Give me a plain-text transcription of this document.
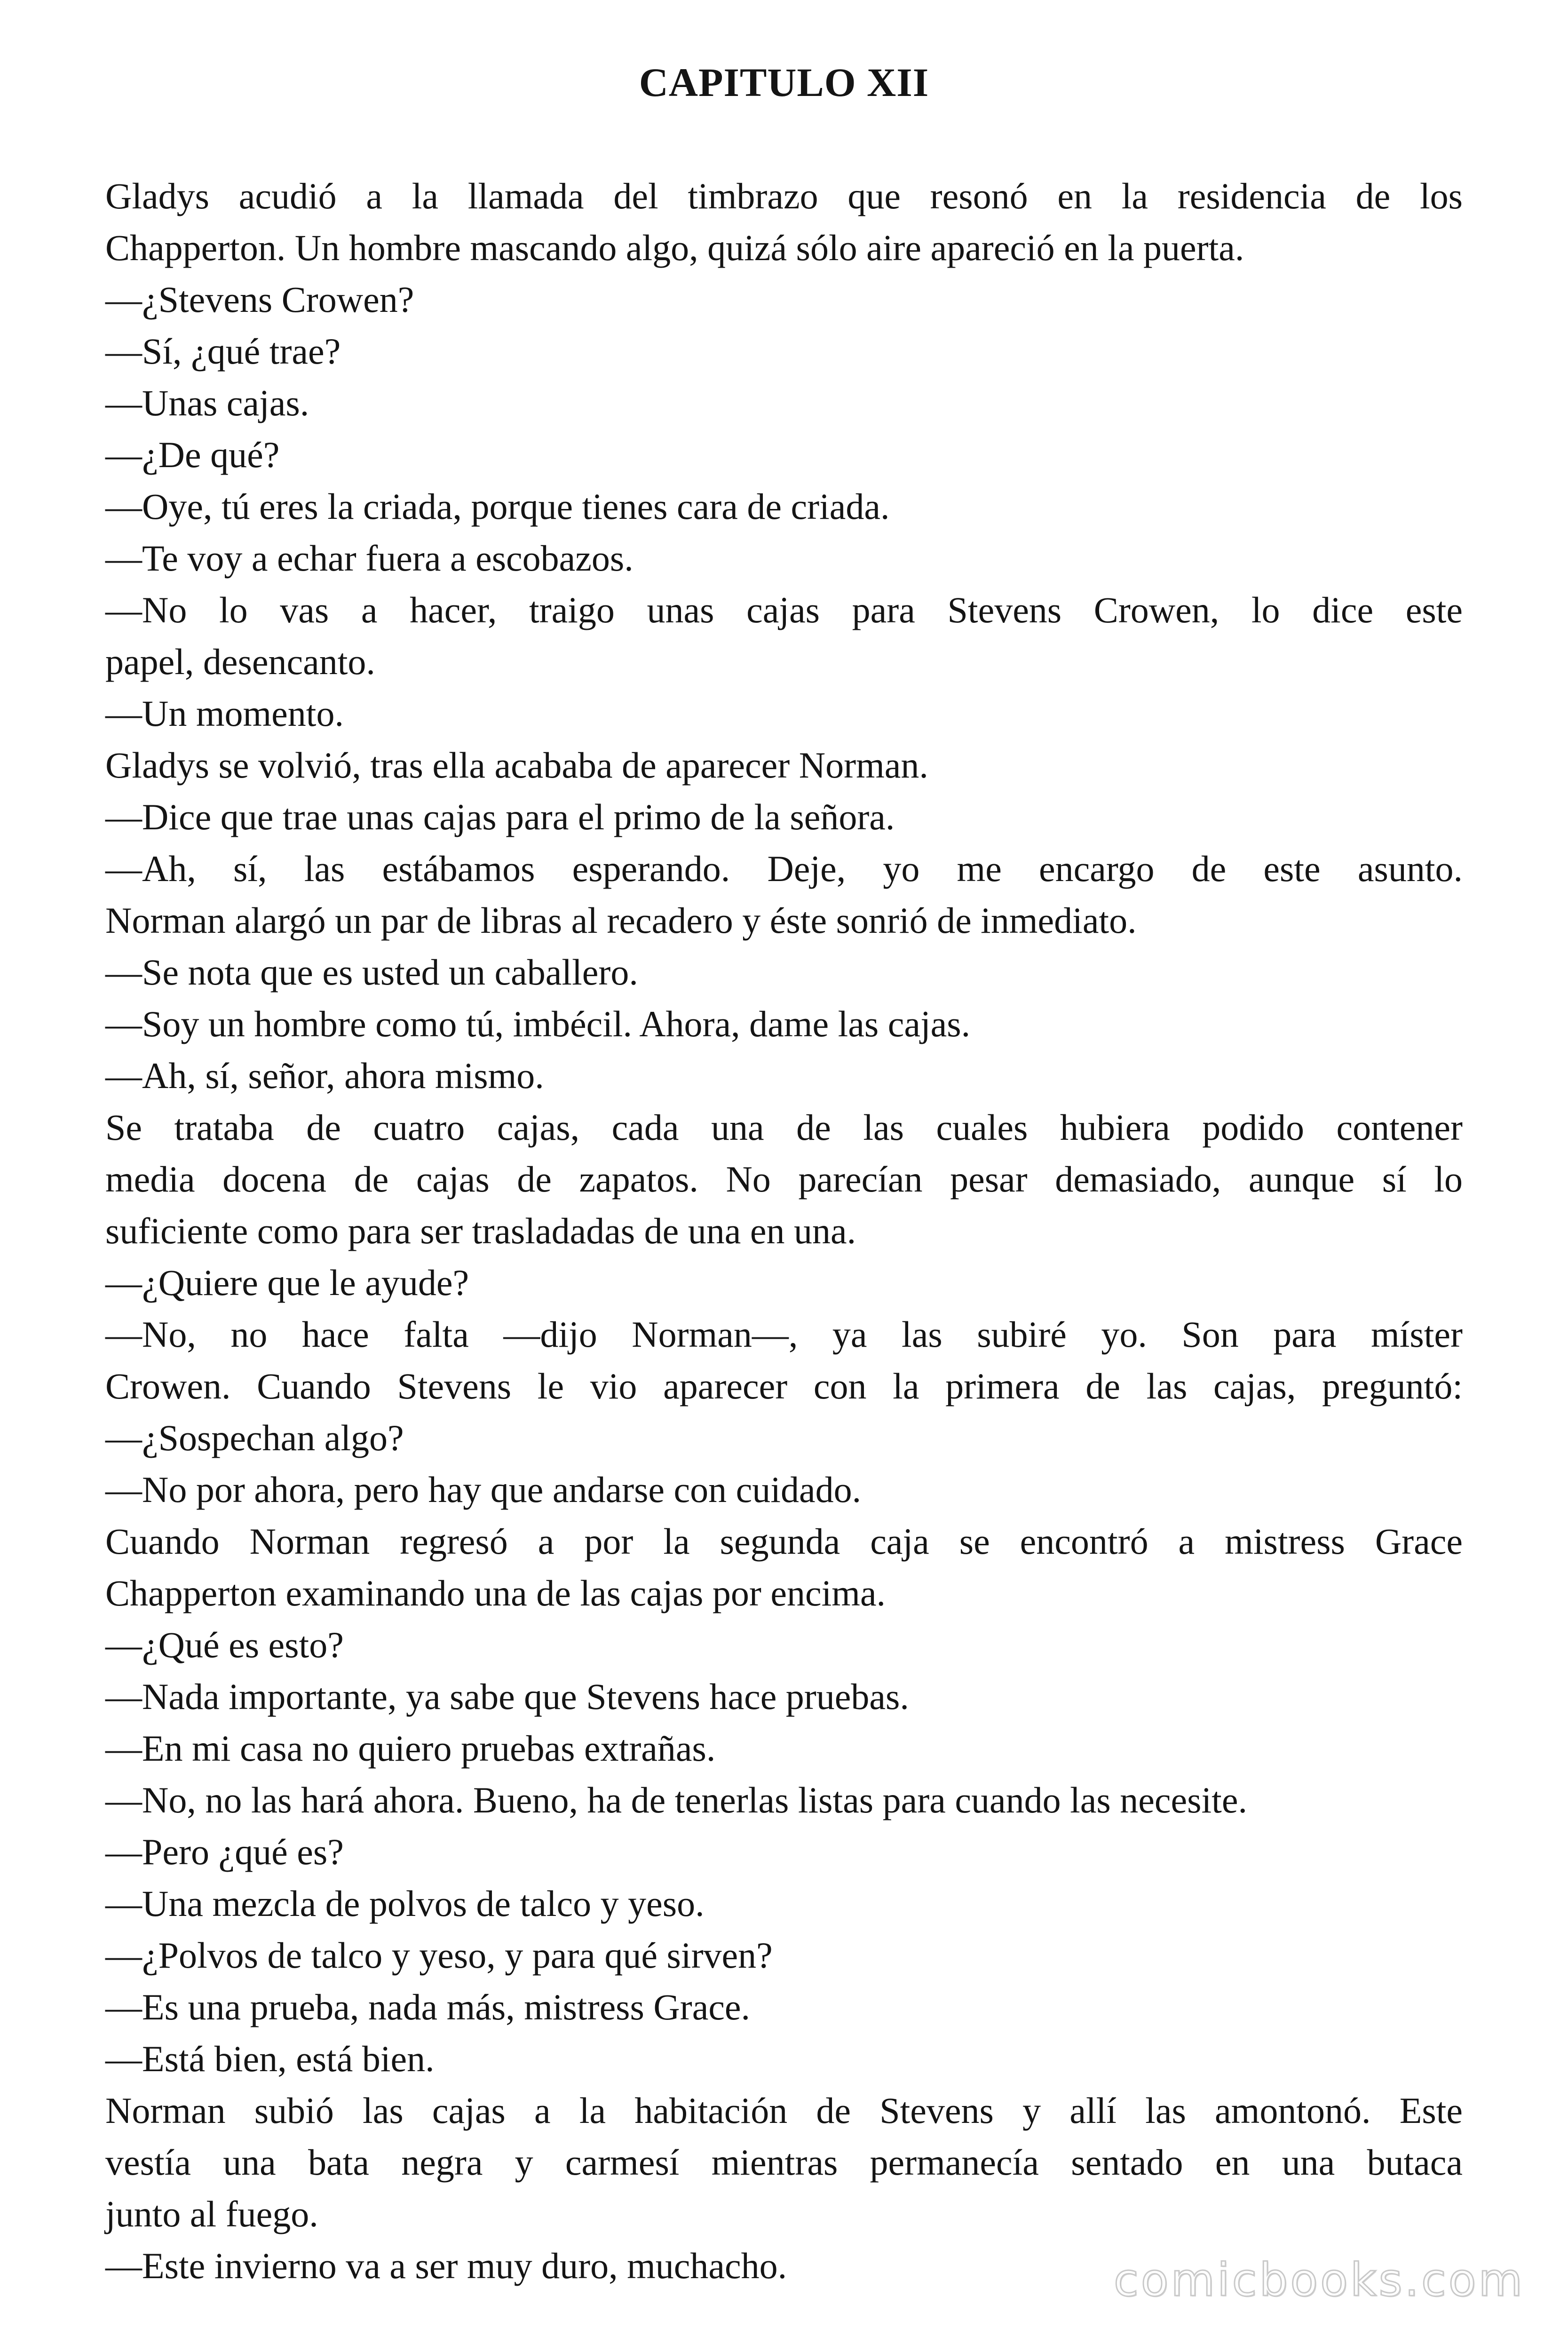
CAPITULO XII
Gladys acudió a la llamada del timbrazo que resonó en la residencia de los
Chapperton. Un hombre mascando algo, quizá sólo aire apareció en la puerta.
—¿Stevens Crowen?
—Sí, ¿qué trae?
—Unas cajas.
—¿De qué?
—Oye, tú eres la criada, porque tienes cara de criada.
—Te voy a echar fuera a escobazos.
—No lo vas a hacer, traigo unas cajas para Stevens Crowen, lo dice este
papel, desencanto.
—Un momento.
Gladys se volvió, tras ella acababa de aparecer Norman.
—Dice que trae unas cajas para el primo de la señora.
—Ah, sí, las estábamos esperando. Deje, yo me encargo de este asunto.
Norman alargó un par de libras al recadero y éste sonrió de inmediato.
—Se nota que es usted un caballero.
—Soy un hombre como tú, imbécil. Ahora, dame las cajas.
—Ah, sí, señor, ahora mismo.
Se trataba de cuatro cajas, cada una de las cuales hubiera podido contener
media docena de cajas de zapatos. No parecían pesar demasiado, aunque sí lo
suficiente como para ser trasladadas de una en una.
—¿Quiere que le ayude?
—No, no hace falta —dijo Norman—, ya las subiré yo. Son para míster
Crowen. Cuando Stevens le vio aparecer con la primera de las cajas, preguntó:
—¿Sospechan algo?
—No por ahora, pero hay que andarse con cuidado.
Cuando Norman regresó a por la segunda caja se encontró a mistress Grace
Chapperton examinando una de las cajas por encima.
—¿Qué es esto?
—Nada importante, ya sabe que Stevens hace pruebas.
—En mi casa no quiero pruebas extrañas.
—No, no las hará ahora. Bueno, ha de tenerlas listas para cuando las necesite.
—Pero ¿qué es?
—Una mezcla de polvos de talco y yeso.
—¿Polvos de talco y yeso, y para qué sirven?
—Es una prueba, nada más, mistress Grace.
—Está bien, está bien.
Norman subió las cajas a la habitación de Stevens y allí las amontonó. Este
vestía una bata negra y carmesí mientras permanecía sentado en una butaca
junto al fuego.
—Este invierno va a ser muy duro, muchacho.	comicbooks.com
